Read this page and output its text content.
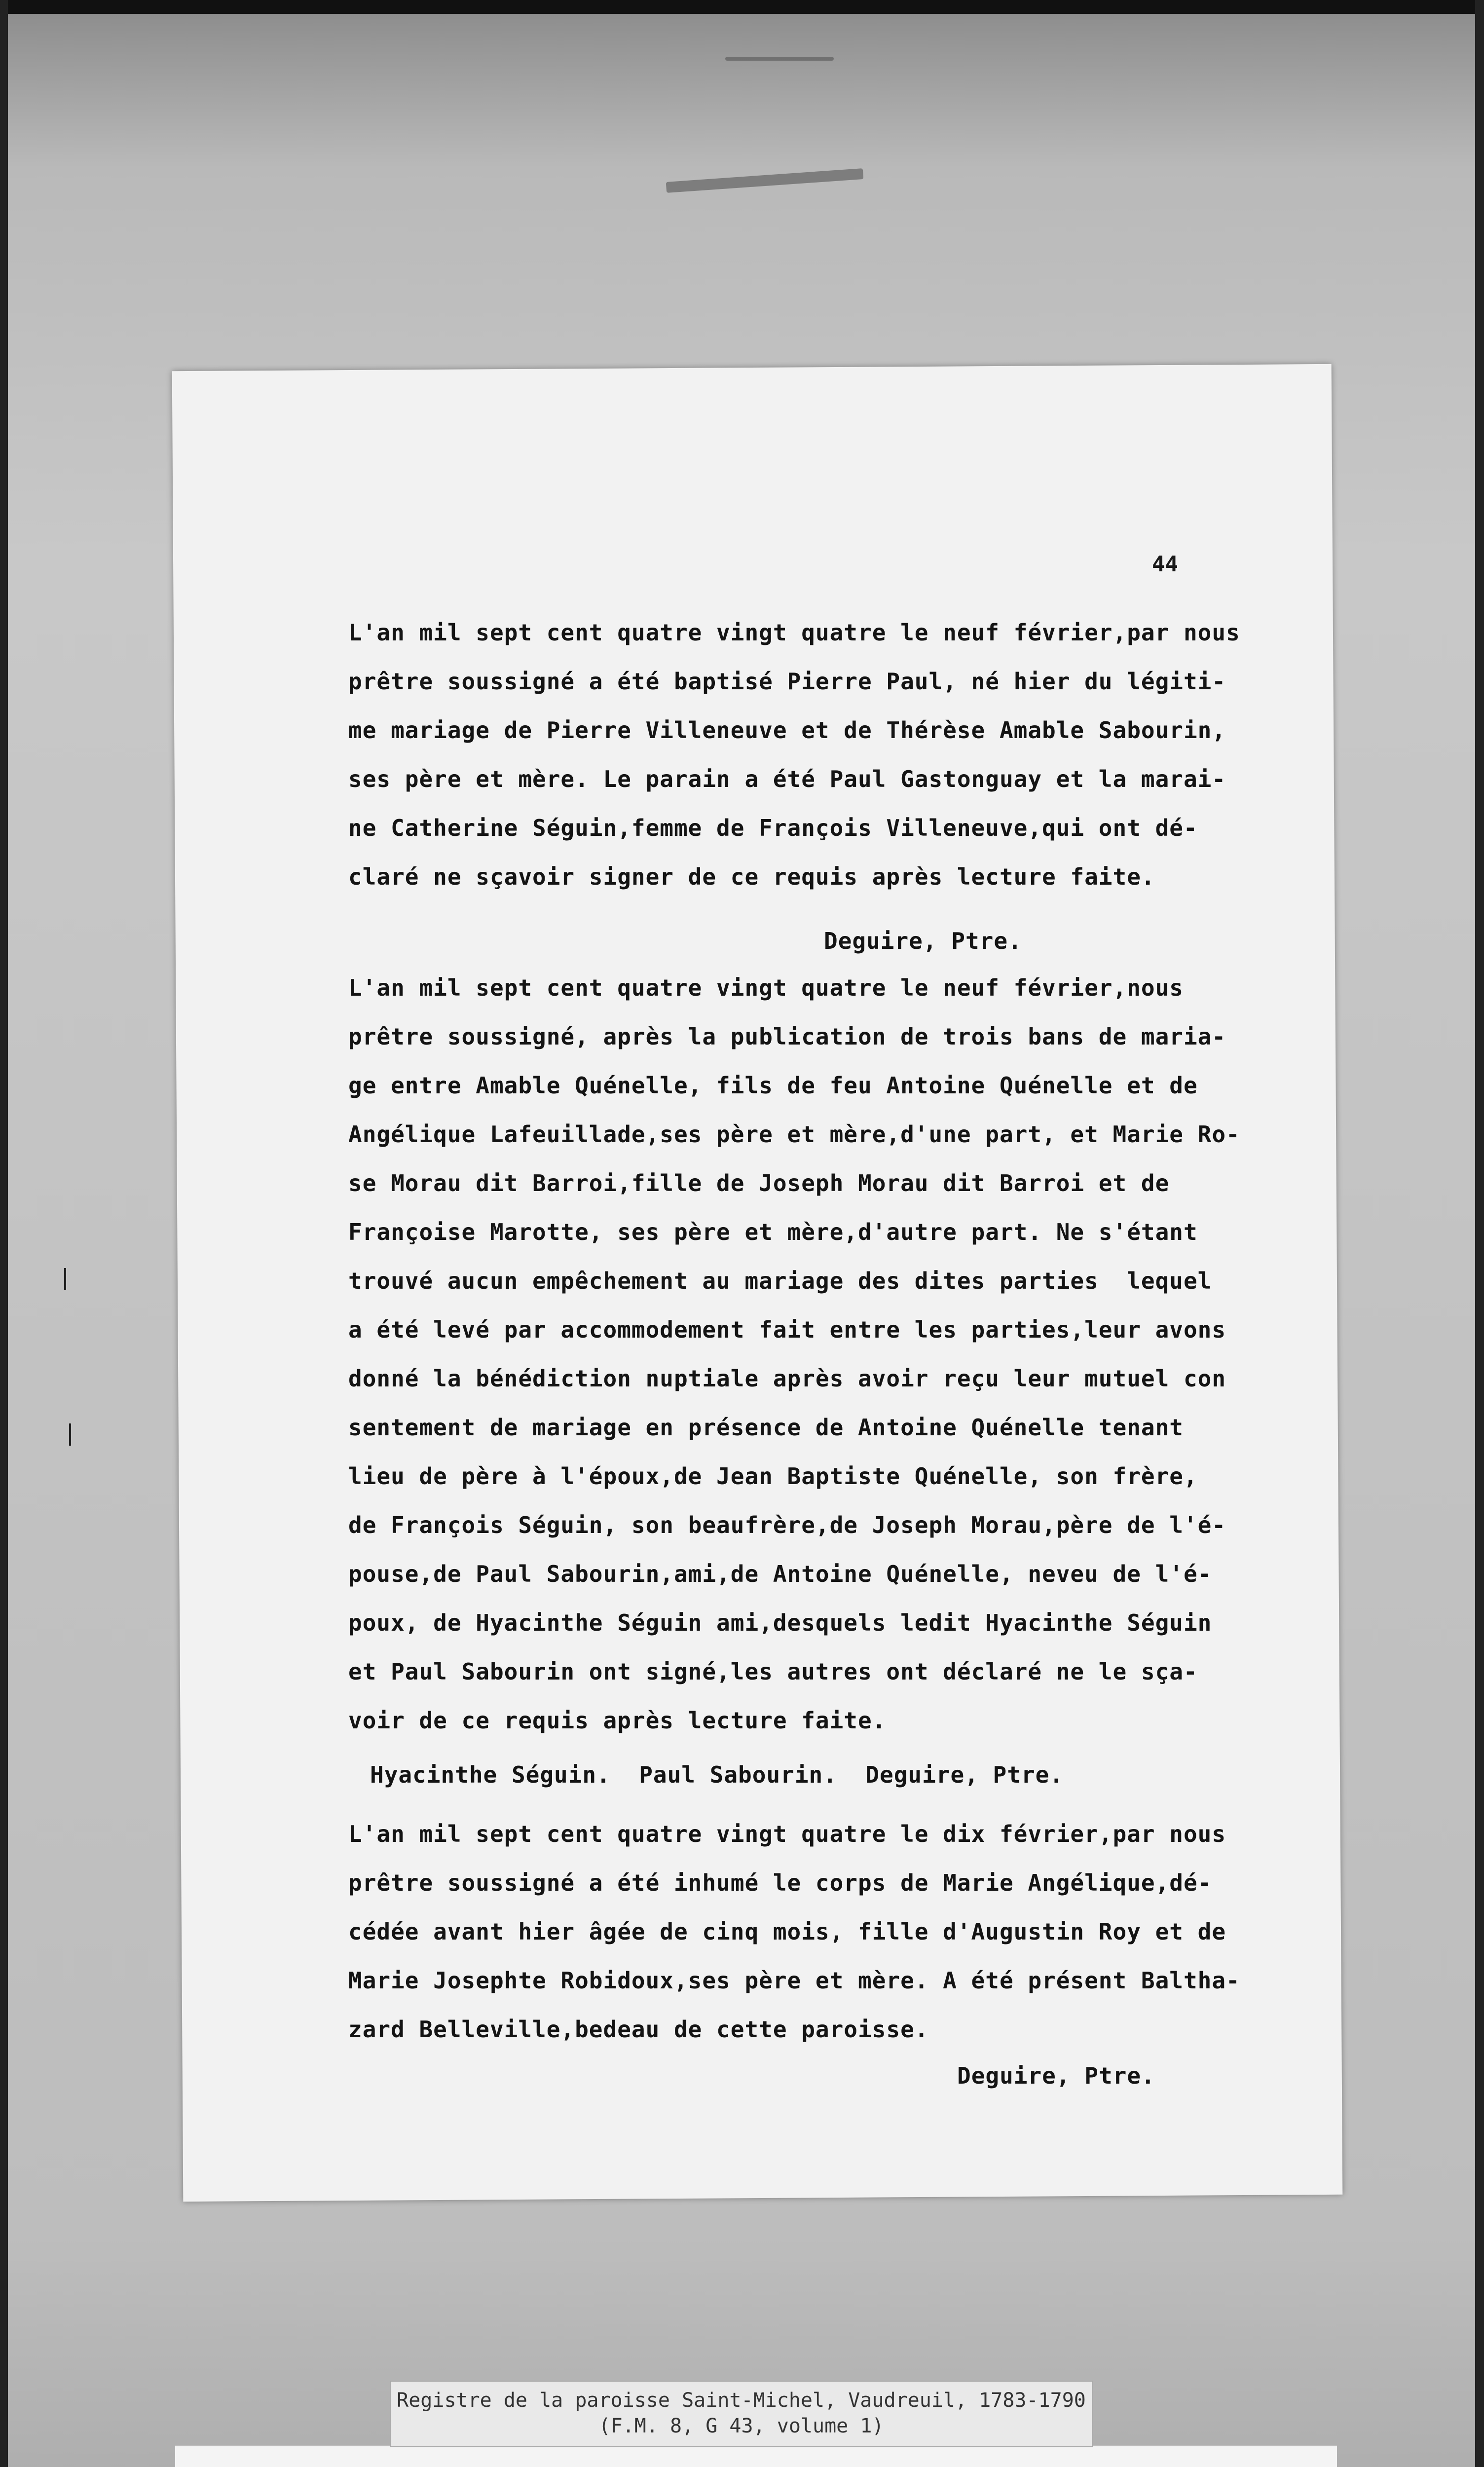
44
L'an mil sept cent quatre vingt quatre le neuf février,par nous
prêtre soussigné a été baptisé Pierre Paul, né hier du légiti-
me mariage de Pierre Villeneuve et de Thérèse Amable Sabourin,
ses père et mère. Le parain a été Paul Gastonguay et la marai-
ne Catherine Séguin,femme de François Villeneuve,qui ont dé-
claré ne sçavoir signer de ce requis après lecture faite.
Deguire, Ptre.
L'an mil sept cent quatre vingt quatre le neuf février,nous
prêtre soussigné, après la publication de trois bans de maria-
ge entre Amable Quénelle, fils de feu Antoine Quénelle et de
Angélique Lafeuillade,ses père et mère,d'une part, et Marie Ro-
se Morau dit Barroi,fille de Joseph Morau dit Barroi et de
Françoise Marotte, ses père et mère,d'autre part. Ne s'étant
trouvé aucun empêchement au mariage des dites parties  lequel
a été levé par accommodement fait entre les parties,leur avons
donné la bénédiction nuptiale après avoir reçu leur mutuel con
sentement de mariage en présence de Antoine Quénelle tenant
lieu de père à l'époux,de Jean Baptiste Quénelle, son frère,
de François Séguin, son beaufrère,de Joseph Morau,père de l'é-
pouse,de Paul Sabourin,ami,de Antoine Quénelle, neveu de l'é-
poux, de Hyacinthe Séguin ami,desquels ledit Hyacinthe Séguin
et Paul Sabourin ont signé,les autres ont déclaré ne le sça-
voir de ce requis après lecture faite.
Hyacinthe Séguin.  Paul Sabourin.  Deguire, Ptre.
L'an mil sept cent quatre vingt quatre le dix février,par nous
prêtre soussigné a été inhumé le corps de Marie Angélique,dé-
cédée avant hier âgée de cinq mois, fille d'Augustin Roy et de
Marie Josephte Robidoux,ses père et mère. A été présent Baltha-
zard Belleville,bedeau de cette paroisse.
Deguire, Ptre.
Registre de la paroisse Saint-Michel, Vaudreuil, 1783-1790
(F.M. 8, G 43, volume 1)
